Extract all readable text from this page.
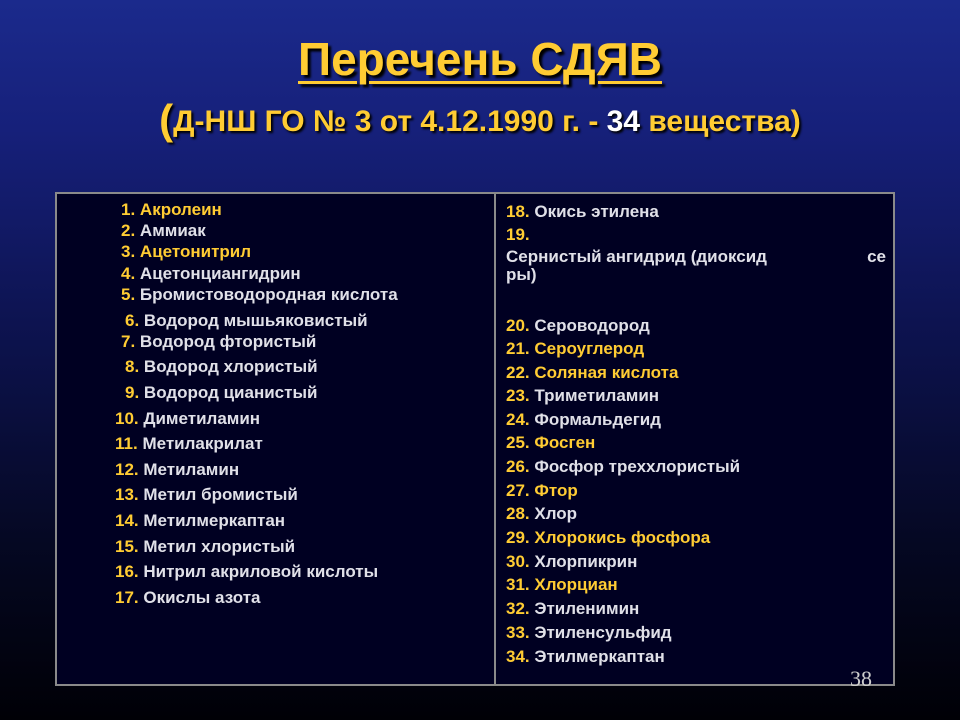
Перечень СДЯВ
(Д-НШ ГО № 3 от 4.12.1990 г. - 34 вещества)
1. Акролеин
2. Аммиак
3. Ацетонитрил
4. Ацетонциангидрин
5. Бромистоводородная кислота
6. Водород мышьяковистый
7. Водород фтористый
8. Водород хлористый
9. Водород цианистый
10. Диметиламин
11. Метилакрилат
12. Метиламин
13. Метил бромистый
14. Метилмеркаптан
15. Метил хлористый
16. Нитрил акриловой кислоты
17. Окислы азота
18. Окись этилена
19.
Сернистый ангидрид (диоксид	се
ры)
20. Сероводород
21. Сероуглерод
22. Соляная кислота
23. Триметиламин
24. Формальдегид
25. Фосген
26. Фосфор треххлористый
27. Фтор
28. Хлор
29. Хлорокись фосфора
30. Хлорпикрин
31. Хлорциан
32. Этиленимин
33. Этиленсульфид
34. Этилмеркаптан
38
